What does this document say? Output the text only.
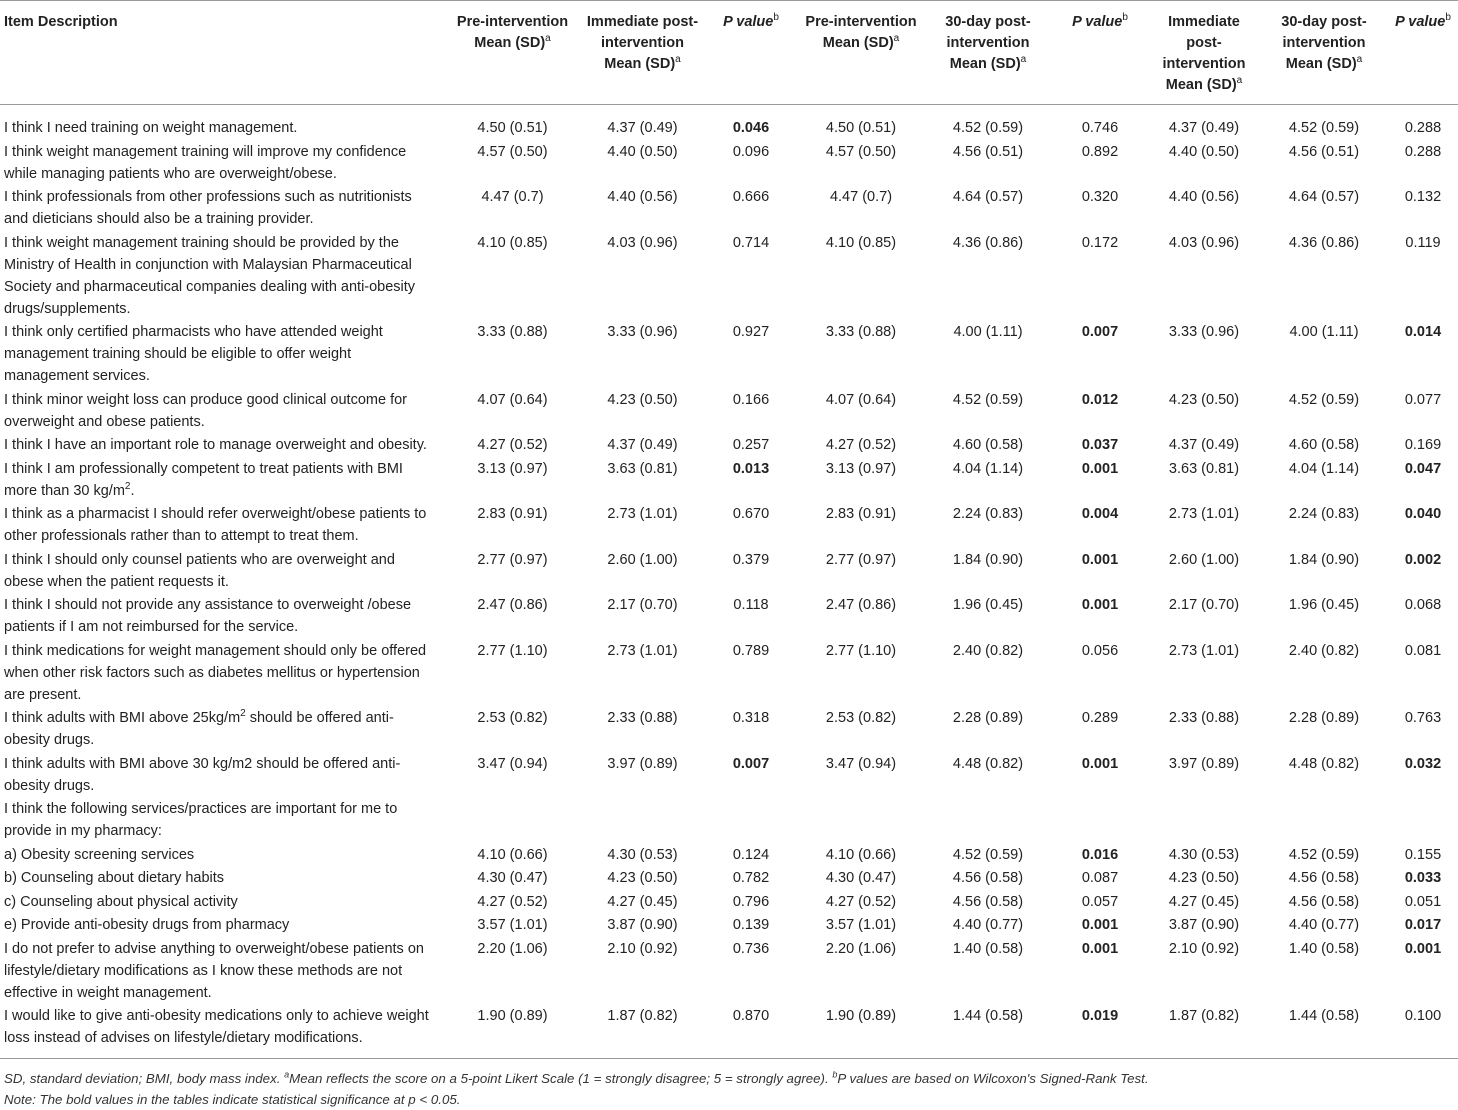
Item Description	Pre-intervention Mean (SD)$^a$	Immediate post-intervention Mean (SD)$^a$	P value$^b$	Pre-intervention Mean (SD)$^a$	30-day post-intervention Mean (SD)$^a$	P value$^b$	Immediate post-intervention Mean (SD)$^a$	30-day post-intervention Mean (SD)$^a$	P value$^b$
I think I need training on weight management.	4.50 (0.51)	4.37 (0.49)	0.046	4.50 (0.51)	4.52 (0.59)	0.746	4.37 (0.49)	4.52 (0.59)	0.288
I think weight management training will improve my confidence while managing patients who are overweight/obese.	4.57 (0.50)	4.40 (0.50)	0.096	4.57 (0.50)	4.56 (0.51)	0.892	4.40 (0.50)	4.56 (0.51)	0.288
I think professionals from other professions such as nutritionists and dieticians should also be a training provider.	4.47 (0.7)	4.40 (0.56)	0.666	4.47 (0.7)	4.64 (0.57)	0.320	4.40 (0.56)	4.64 (0.57)	0.132
I think weight management training should be provided by the Ministry of Health in conjunction with Malaysian Pharmaceutical Society and pharmaceutical companies dealing with anti-obesity drugs/supplements.	4.10 (0.85)	4.03 (0.96)	0.714	4.10 (0.85)	4.36 (0.86)	0.172	4.03 (0.96)	4.36 (0.86)	0.119
I think only certified pharmacists who have attended weight management training should be eligible to offer weight management services.	3.33 (0.88)	3.33 (0.96)	0.927	3.33 (0.88)	4.00 (1.11)	0.007	3.33 (0.96)	4.00 (1.11)	0.014
I think minor weight loss can produce good clinical outcome for overweight and obese patients.	4.07 (0.64)	4.23 (0.50)	0.166	4.07 (0.64)	4.52 (0.59)	0.012	4.23 (0.50)	4.52 (0.59)	0.077
I think I have an important role to manage overweight and obesity.	4.27 (0.52)	4.37 (0.49)	0.257	4.27 (0.52)	4.60 (0.58)	0.037	4.37 (0.49)	4.60 (0.58)	0.169
I think I am professionally competent to treat patients with BMI more than 30 $kg/m^2$.	3.13 (0.97)	3.63 (0.81)	0.013	3.13 (0.97)	4.04 (1.14)	0.001	3.63 (0.81)	4.04 (1.14)	0.047
I think as a pharmacist I should refer overweight/obese patients to other professionals rather than to attempt to treat them.	2.83 (0.91)	2.73 (1.01)	0.670	2.83 (0.91)	2.24 (0.83)	0.004	2.73 (1.01)	2.24 (0.83)	0.040
I think I should only counsel patients who are overweight and obese when the patient requests it.	2.77 (0.97)	2.60 (1.00)	0.379	2.77 (0.97)	1.84 (0.90)	0.001	2.60 (1.00)	1.84 (0.90)	0.002
I think I should not provide any assistance to overweight /obese patients if I am not reimbursed for the service.	2.47 (0.86)	2.17 (0.70)	0.118	2.47 (0.86)	1.96 (0.45)	0.001	2.17 (0.70)	1.96 (0.45)	0.068
I think medications for weight management should only be offered when other risk factors such as diabetes mellitus or hypertension are present.	2.77 (1.10)	2.73 (1.01)	0.789	2.77 (1.10)	2.40 (0.82)	0.056	2.73 (1.01)	2.40 (0.82)	0.081
I think adults with BMI above $25kg/m^2$ should be offered anti-obesity drugs.	2.53 (0.82)	2.33 (0.88)	0.318	2.53 (0.82)	2.28 (0.89)	0.289	2.33 (0.88)	2.28 (0.89)	0.763
I think adults with BMI above 30 kg/m2 should be offered anti-obesity drugs.	3.47 (0.94)	3.97 (0.89)	0.007	3.47 (0.94)	4.48 (0.82)	0.001	3.97 (0.89)	4.48 (0.82)	0.032
I think the following services/practices are important for me to provide in my pharmacy:									
a) Obesity screening services	4.10 (0.66)	4.30 (0.53)	0.124	4.10 (0.66)	4.52 (0.59)	0.016	4.30 (0.53)	4.52 (0.59)	0.155
b) Counseling about dietary habits	4.30 (0.47)	4.23 (0.50)	0.782	4.30 (0.47)	4.56 (0.58)	0.087	4.23 (0.50)	4.56 (0.58)	0.033
c) Counseling about physical activity	4.27 (0.52)	4.27 (0.45)	0.796	4.27 (0.52)	4.56 (0.58)	0.057	4.27 (0.45)	4.56 (0.58)	0.051
e) Provide anti-obesity drugs from pharmacy	3.57 (1.01)	3.87 (0.90)	0.139	3.57 (1.01)	4.40 (0.77)	0.001	3.87 (0.90)	4.40 (0.77)	0.017
I do not prefer to advise anything to overweight/obese patients on lifestyle/dietary modifications as I know these methods are not effective in weight management.	2.20 (1.06)	2.10 (0.92)	0.736	2.20 (1.06)	1.40 (0.58)	0.001	2.10 (0.92)	1.40 (0.58)	0.001
I would like to give anti-obesity medications only to achieve weight loss instead of advises on lifestyle/dietary modifications.	1.90 (0.89)	1.87 (0.82)	0.870	1.90 (0.89)	1.44 (0.58)	0.019	1.87 (0.82)	1.44 (0.58)	0.100
SD, standard deviation; BMI, body mass index. $^a$Mean reflects the score on a 5-point Likert Scale (1 = strongly disagree; 5 = strongly agree). $^b$P values are based on Wilcoxon's Signed-Rank Test.
Note: The bold values in the tables indicate statistical significance at p < 0.05.
